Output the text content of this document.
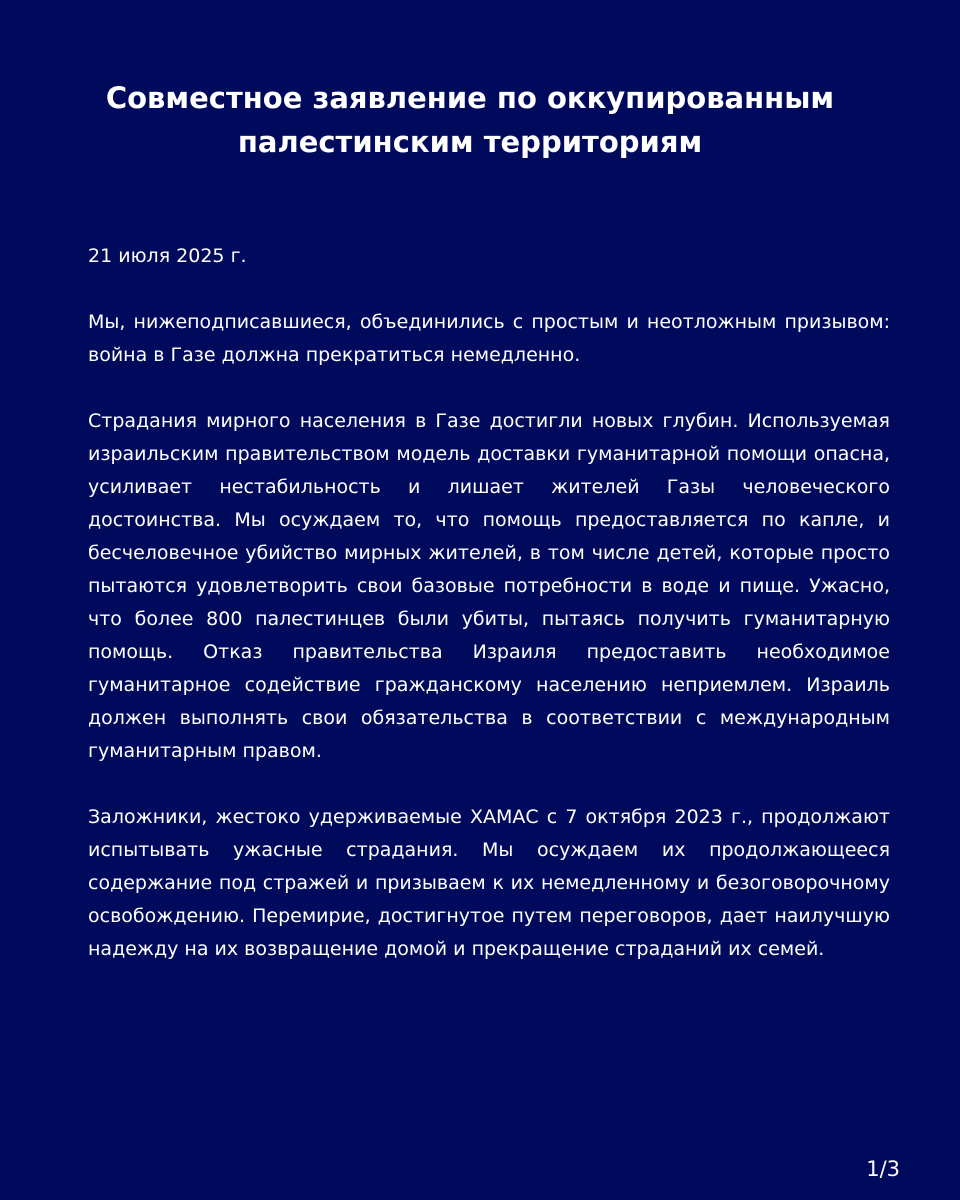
Совместное заявление по оккупированным
палестинским территориям

21 июля 2025 г.

Мы, нижеподписавшиеся, объединились с простым и неотложным призывом: война в Газе должна прекратиться немедленно.

Страдания мирного населения в Газе достигли новых глубин. Используемая израильским правительством модель доставки гуманитарной помощи опасна, усиливает нестабильность и лишает жителей Газы человеческого достоинства. Мы осуждаем то, что помощь предоставляется по капле, и бесчеловечное убийство мирных жителей, в том числе детей, которые просто пытаются удовлетворить свои базовые потребности в воде и пище. Ужасно, что более 800 палестинцев были убиты, пытаясь получить гуманитарную помощь. Отказ правительства Израиля предоставить необходимое гуманитарное содействие гражданскому населению неприемлем. Израиль должен выполнять свои обязательства в соответствии с международным гуманитарным правом.

Заложники, жестоко удерживаемые ХАМАС с 7 октября 2023 г., продолжают испытывать ужасные страдания. Мы осуждаем их продолжающееся содержание под стражей и призываем к их немедленному и безоговорочному освобождению. Перемирие, достигнутое путем переговоров, дает наилучшую надежду на их возвращение домой и прекращение страданий их семей.

1/3
